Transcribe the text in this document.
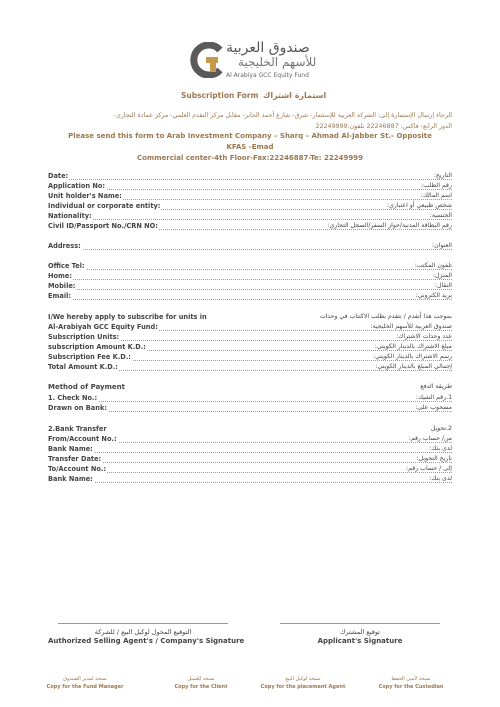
صندوق العربية
للأسهم الخليجية
Al Arabiya GCC Equity Fund
استمارة اشتراك
Subscription Form
الرجاء إرسال الإستمارة إلى: الشركة العربية للإستثمار- شرق- شارع أحمد الجابر- مقابل مركز التقدم العلمي- مركز عمادة التجاري-
الدور الرابع- فاكس: 22246887 تلفون:22249999
Please send this form to Arab Investment Company – Sharq – Ahmad Al-Jabber St.- Opposite KFAS -Emad
Commercial center-4th Floor-Fax:22246887-Te: 22249999
Date:	التاريخ:
Application No:	رقم الطلب:
Unit holder's Name:	اسم المالك:
Individual or corporate entity:	شخص طبيعي أو اعتباري:
Nationality:	الجنسية:
Civil ID/Passport No./CRN NO:	رقم البطاقة المدنية/جواز السفر/السجل التجاري:
Address:	العنوان:
Office Tel:	تلفون المكتب:
Home:	المنزل:
Mobile:	النقال:
Email:	بريد الكتروني:
I/We hereby apply to subscribe for units in	بموجب هذا أتقدم / نتقدم بطلب الاكتتاب في وحدات
Al-Arabiyah GCC Equity Fund:	صندوق العربية للأسهم الخليجية:
Subscription Units:	عدد وحدات الاشتراك:
subscription Amount K.D.:	مبلغ الاشتراك بالدينار الكويتي:
Subscription Fee K.D.:	رسم الاشتراك بالدينار الكويتي:
Total Amount K.D.:	إجمالي المبلغ بالدينار الكويتي:
Method of Payment	طريقة الدفع
1. Check No.:	1.رقم الشيك:
Drawn on Bank:	مسحوب على:
2.Bank Transfer	2.تحويل
From/Account No.:	من/ حساب رقم:
Bank Name:	لدى بنك:
Transfer Date:	تاريخ التحويل:
To/Account No.:	إلى / حساب رقم:
Bank Name:	لدى بنك:
التوقيع المخول لوكيل البيع / للشركة
Authorized Selling Agent's / Company's Signature
توقيع المشترك
Applicant's Signature
نسخة لمدير الصندوق
Copy for the Fund Manager
نسخة للعميل
Copy for the Client
نسخة لوكيل البيع
Copy for the placement Agent
نسخة لأمين الحفظ
Copy for the Custodian
